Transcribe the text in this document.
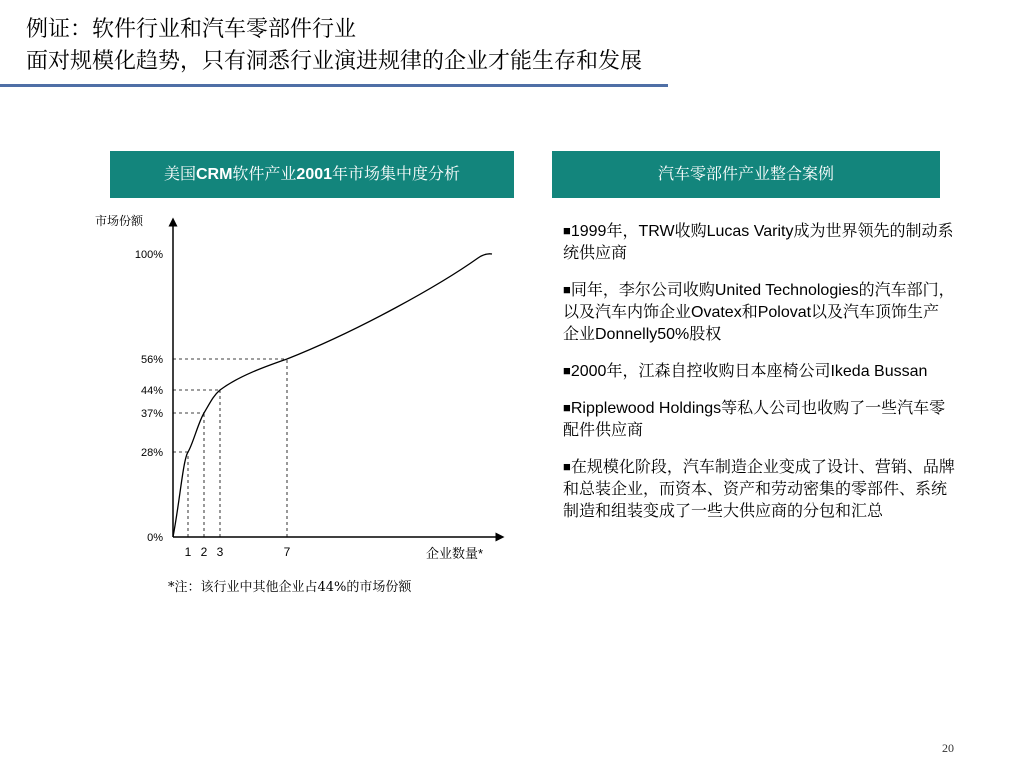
例证：软件行业和汽车零部件行业
面对规模化趋势，只有洞悉行业演进规律的企业才能生存和发展
美国CRM软件产业2001年市场集中度分析	汽车零部件产业整合案例
市场份额
0%
28%
37%
44%
56%
100%
1 2 3	7	企业数量*
*注：该行业中其他企业占44%的市场份额

■1999年，TRW收购Lucas Varity成为世界领先的制动系统供应商

■同年，李尔公司收购United Technologies的汽车部门，以及汽车内饰企业Ovatex和Polovat以及汽车顶饰生产企业Donnelly50%股权

■2000年，江森自控收购日本座椅公司Ikeda Bussan

■Ripplewood Holdings等私人公司也收购了一些汽车零配件供应商

■在规模化阶段，汽车制造企业变成了设计、营销、品牌和总装企业，而资本、资产和劳动密集的零部件、系统制造和组装变成了一些大供应商的分包和汇总

20
